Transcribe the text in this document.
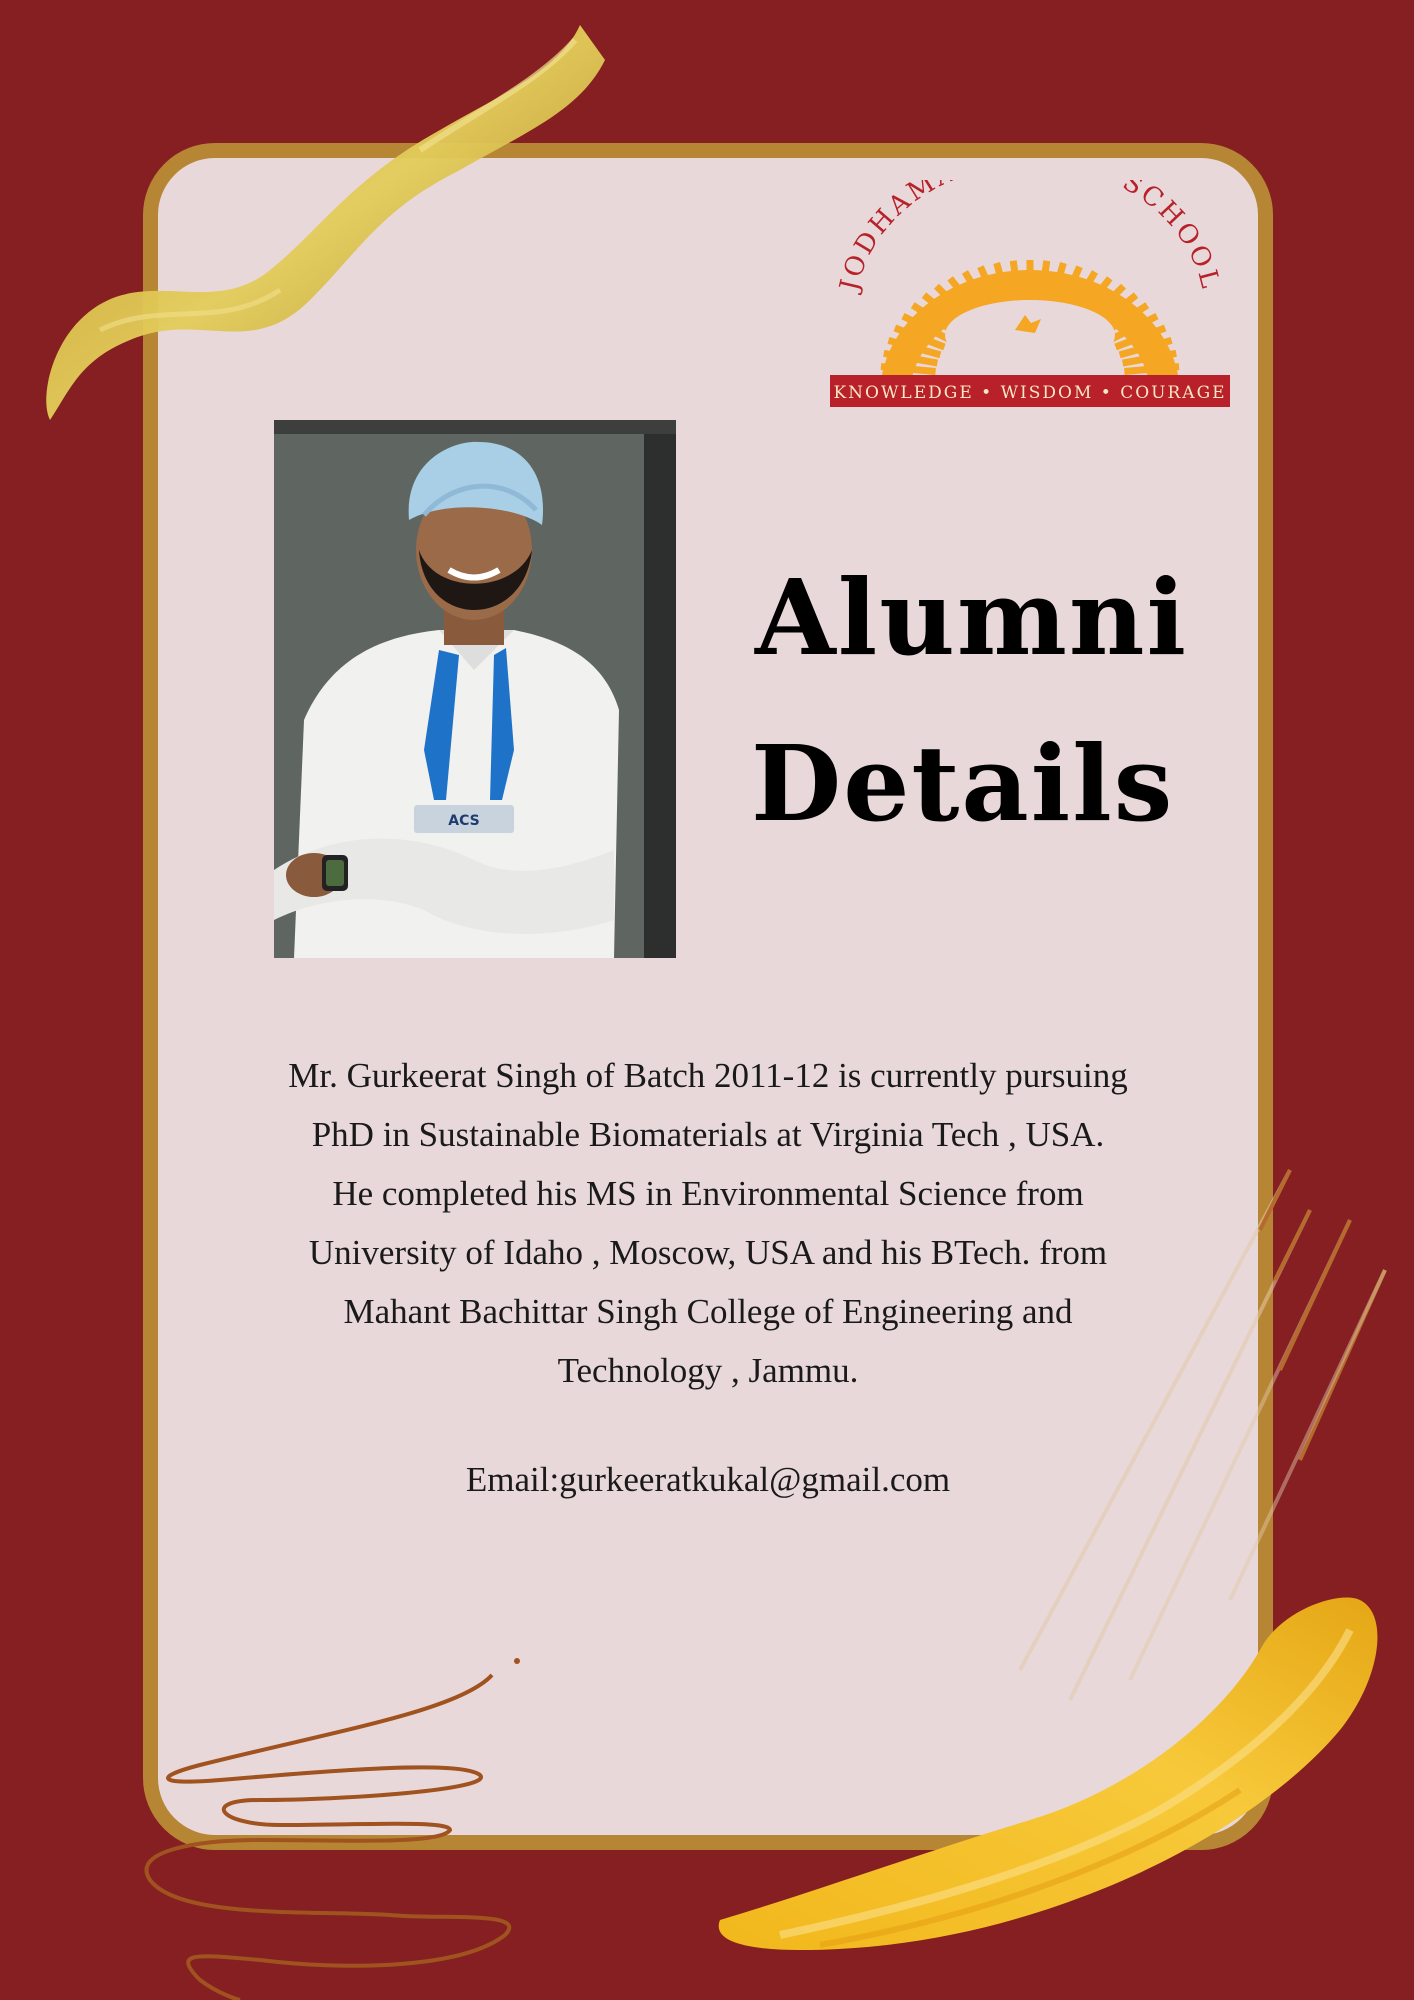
JODHAM SCHOOL
KNOWLEDGE • WISDOM • COURAGE
ACS
Alumni
Details
Mr. Gurkeerat Singh of Batch 2011-12 is currently pursuing
PhD in Sustainable Biomaterials at Virginia Tech , USA.
He completed his MS in Environmental Science from
University of Idaho , Moscow, USA and his BTech. from
Mahant Bachittar Singh College of Engineering and
Technology , Jammu.
Email:gurkeeratkukal@gmail.com
